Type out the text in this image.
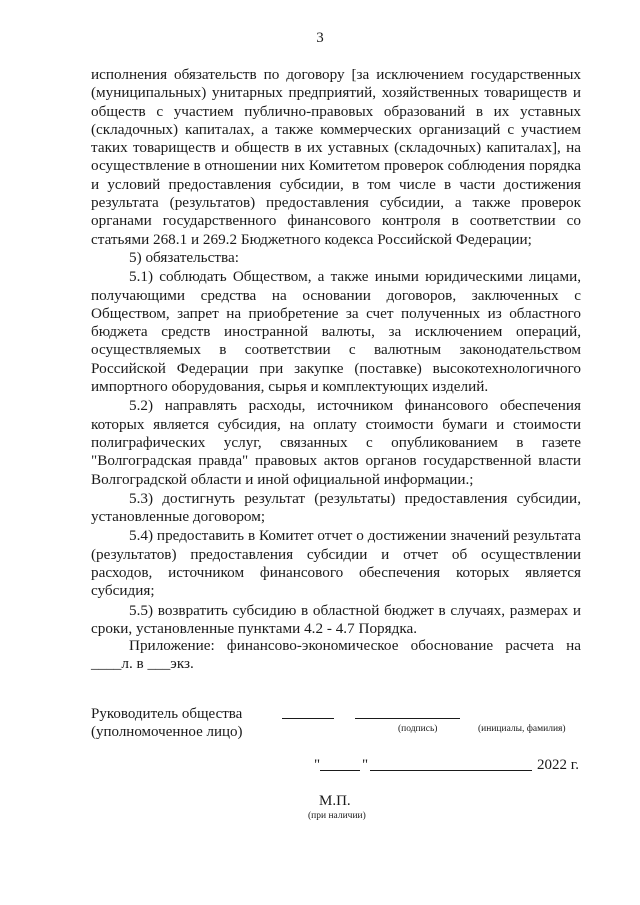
3

исполнения обязательств по договору [за исключением государственных (муниципальных) унитарных предприятий, хозяйственных товариществ и обществ с участием публично-правовых образований в их уставных (складочных) капиталах, а также коммерческих организаций с участием таких товариществ и обществ в их уставных (складочных) капиталах], на осуществление в отношении них Комитетом проверок соблюдения порядка и условий предоставления субсидии, в том числе в части достижения результата (результатов) предоставления субсидии, а также проверок органами государственного финансового контроля в соответствии со статьями 268.1 и 269.2 Бюджетного кодекса Российской Федерации;

5) обязательства:

5.1) соблюдать Обществом, а также иными юридическими лицами, получающими средства на основании договоров, заключенных с Обществом, запрет на приобретение за счет полученных из областного бюджета средств иностранной валюты, за исключением операций, осуществляемых в соответствии с валютным законодательством Российской Федерации при закупке (поставке) высокотехнологичного импортного оборудования, сырья и комплектующих изделий.

5.2) направлять расходы, источником финансового обеспечения которых является субсидия, на оплату стоимости бумаги и стоимости полиграфических услуг, связанных с опубликованием в газете "Волгоградская правда" правовых актов органов государственной власти Волгоградской области и иной официальной информации.;

5.3) достигнуть результат (результаты) предоставления субсидии, установленные договором;

5.4) предоставить в Комитет отчет о достижении значений результата (результатов) предоставления субсидии и отчет об осуществлении расходов, источником финансового обеспечения которых является субсидия;

5.5) возвратить субсидию в областной бюджет в случаях, размерах и сроки, установленные пунктами 4.2 - 4.7 Порядка.

Приложение: финансово-экономическое обоснование расчета на ____л. в ___экз.

Руководитель общества
(уполномоченное лицо)	(подпись)	(инициалы, фамилия)
"	"	2022 г.
М.П.
(при наличии)
